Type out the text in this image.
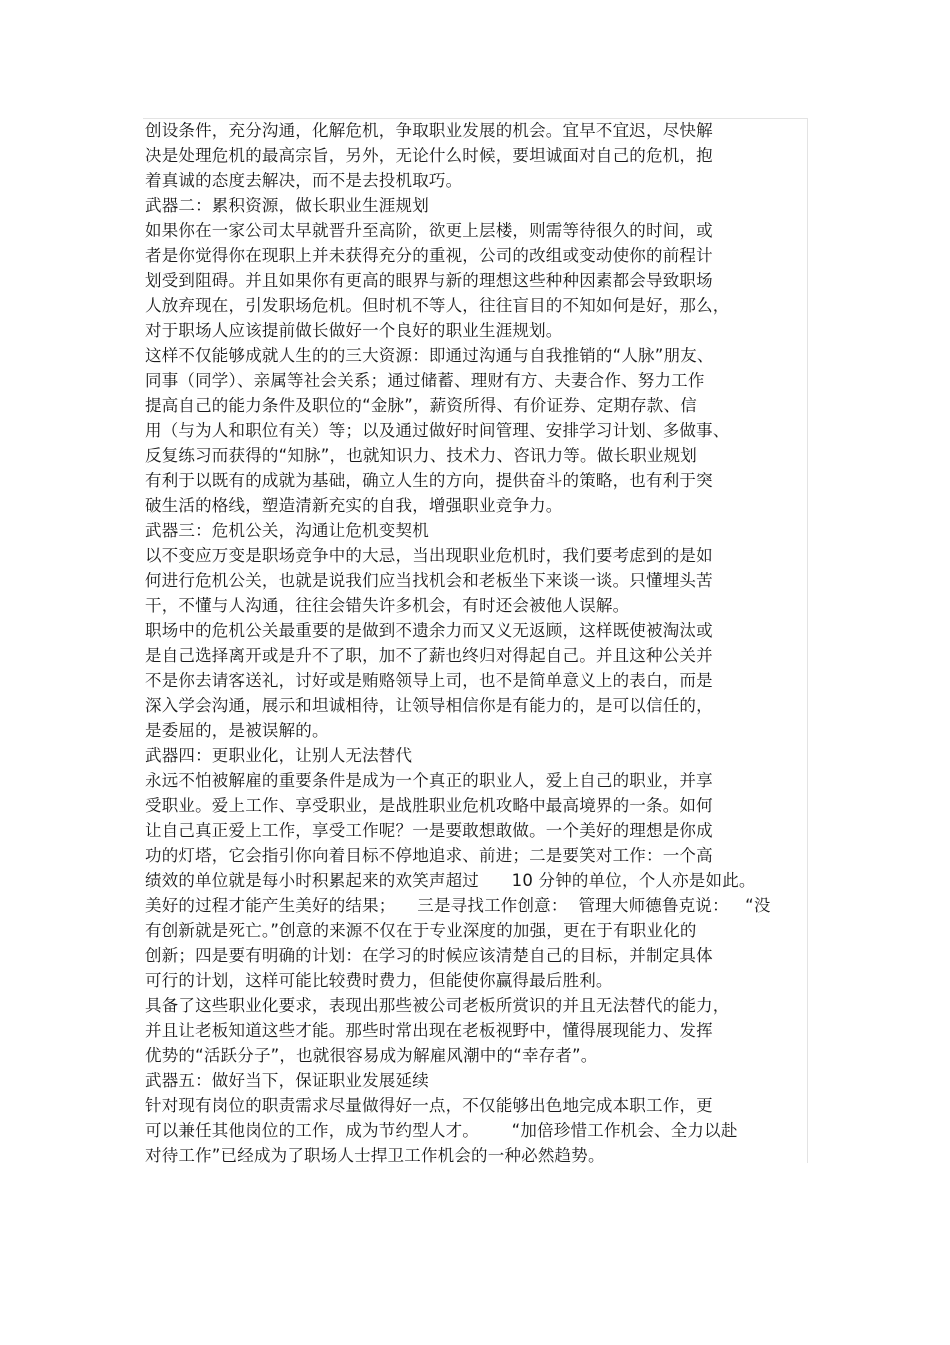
创设条件，充分沟通，化解危机，争取职业发展的机会。宜早不宜迟，尽快解
决是处理危机的最高宗旨，另外，无论什么时候，要坦诚面对自己的危机，抱
着真诚的态度去解决，而不是去投机取巧。
武器二：累积资源，做长职业生涯规划
如果你在一家公司太早就晋升至高阶，欲更上层楼，则需等待很久的时间，或
者是你觉得你在现职上并未获得充分的重视，公司的改组或变动使你的前程计
划受到阻碍。并且如果你有更高的眼界与新的理想这些种种因素都会导致职场
人放弃现在，引发职场危机。但时机不等人，往往盲目的不知如何是好，那么，
对于职场人应该提前做长做好一个良好的职业生涯规划。
这样不仅能够成就人生的的三大资源：即通过沟通与自我推销的“人脉”朋友、
同事（同学）、亲属等社会关系；通过储蓄、理财有方、夫妻合作、努力工作
提高自己的能力条件及职位的“金脉”，薪资所得、有价证券、定期存款、信
用（与为人和职位有关）等；以及通过做好时间管理、安排学习计划、多做事、
反复练习而获得的“知脉”，也就知识力、技术力、咨讯力等。做长职业规划
有利于以既有的成就为基础，确立人生的方向，提供奋斗的策略，也有利于突
破生活的格线，塑造清新充实的自我，增强职业竞争力。
武器三：危机公关，沟通让危机变契机
以不变应万变是职场竞争中的大忌，当出现职业危机时，我们要考虑到的是如
何进行危机公关，也就是说我们应当找机会和老板坐下来谈一谈。只懂埋头苦
干，不懂与人沟通，往往会错失许多机会，有时还会被他人误解。
职场中的危机公关最重要的是做到不遗余力而又义无返顾，这样既使被淘汰或
是自己选择离开或是升不了职，加不了薪也终归对得起自己。并且这种公关并
不是你去请客送礼，讨好或是贿赂领导上司，也不是简单意义上的表白，而是
深入学会沟通，展示和坦诚相待，让领导相信你是有能力的，是可以信任的，
是委屈的，是被误解的。
武器四：更职业化，让别人无法替代
永远不怕被解雇的重要条件是成为一个真正的职业人，爱上自己的职业，并享
受职业。爱上工作、享受职业，是战胜职业危机攻略中最高境界的一条。如何
让自己真正爱上工作，享受工作呢？一是要敢想敢做。一个美好的理想是你成
功的灯塔，它会指引你向着目标不停地追求、前进；二是要笑对工作：一个高
绩效的单位就是每小时积累起来的欢笑声超过      10 分钟的单位，个人亦是如此。
美好的过程才能产生美好的结果；    三是寻找工作创意：  管理大师德鲁克说：   “没
有创新就是死亡。”创意的来源不仅在于专业深度的加强，更在于有职业化的
创新；四是要有明确的计划：在学习的时候应该清楚自己的目标，并制定具体
可行的计划，这样可能比较费时费力，但能使你赢得最后胜利。
具备了这些职业化要求，表现出那些被公司老板所赏识的并且无法替代的能力，
并且让老板知道这些才能。那些时常出现在老板视野中，懂得展现能力、发挥
优势的“活跃分子”，也就很容易成为解雇风潮中的“幸存者”。
武器五：做好当下，保证职业发展延续
针对现有岗位的职责需求尽量做得好一点，不仅能够出色地完成本职工作，更
可以兼任其他岗位的工作，成为节约型人才。      “加倍珍惜工作机会、全力以赴
对待工作”已经成为了职场人士捍卫工作机会的一种必然趋势。
